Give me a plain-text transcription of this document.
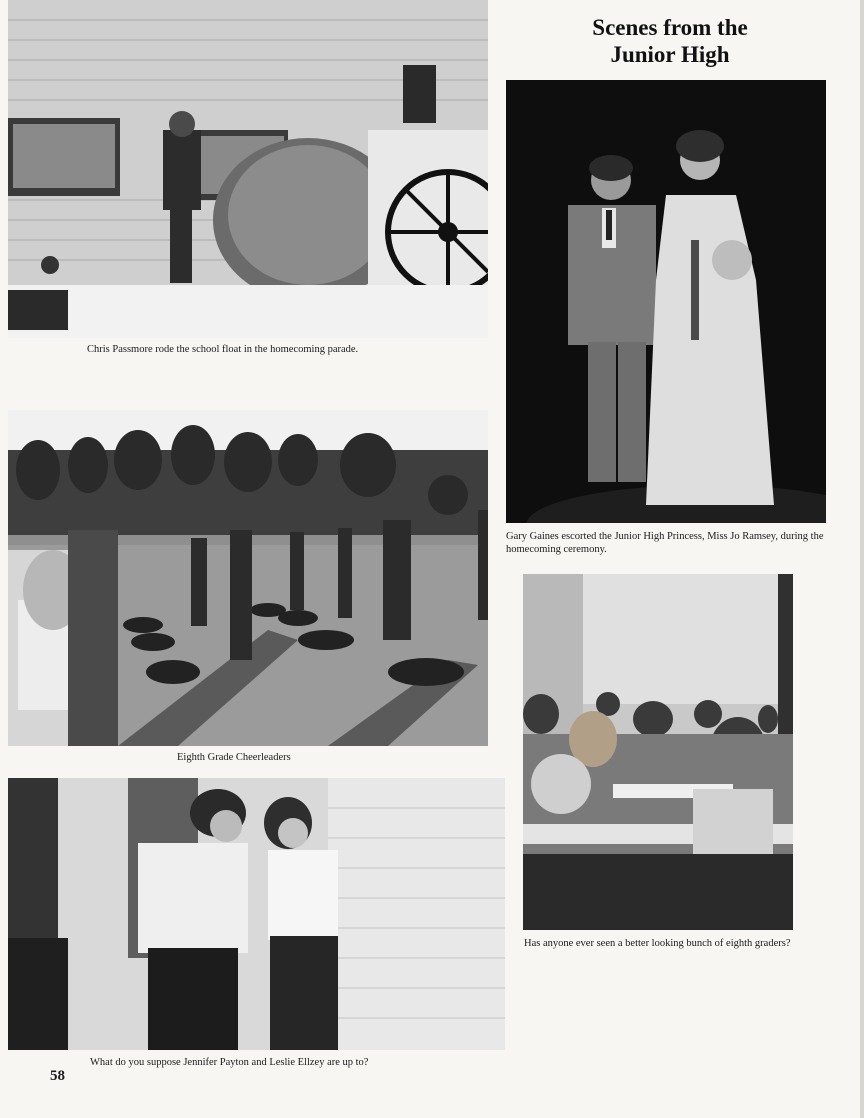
Scenes from the
Junior High
Chris Passmore rode the school float in the homecoming parade.
Eighth Grade Cheerleaders
What do you suppose Jennifer Payton and Leslie Ellzey are up to?
Gary Gaines escorted the Junior High Princess, Miss Jo Ramsey, during the homecoming ceremony.
Has anyone ever seen a better looking bunch of eighth graders?
58
